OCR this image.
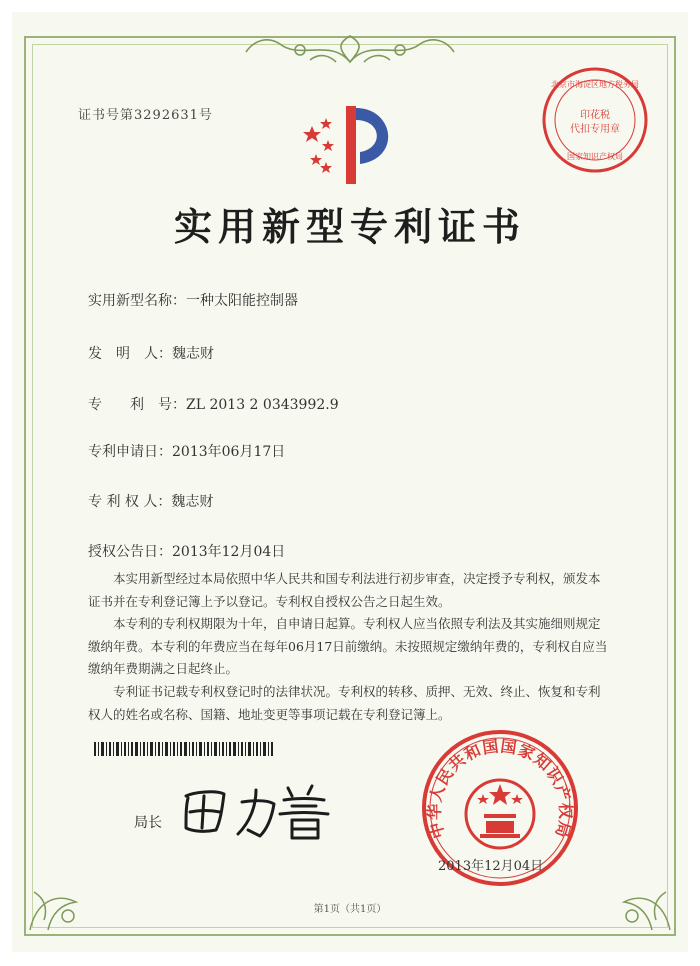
证书号第3292631号	印花税
代扣专用章
北京市海淀区地方税务局
国家知识产权局
实用新型专利证书
实用新型名称：一种太阳能控制器
发　明　人：魏志财
专　　利　号：ZL 2013 2 0343992.9
专利申请日：2013年06月17日
专 利 权 人：魏志财
授权公告日：2013年12月04日

本实用新型经过本局依照中华人民共和国专利法进行初步审查，决定授予专利权，颁发本证书并在专利登记簿上予以登记。专利权自授权公告之日起生效。

本专利的专利权期限为十年，自申请日起算。专利权人应当依照专利法及其实施细则规定缴纳年费。本专利的年费应当在每年06月17日前缴纳。未按照规定缴纳年费的，专利权自应当缴纳年费期满之日起终止。

专利证书记载专利权登记时的法律状况。专利权的转移、质押、无效、终止、恢复和专利权人的姓名或名称、国籍、地址变更等事项记载在专利登记簿上。

局长	中华人民共和国国家知识产权局
2013年12月04日
第1页（共1页）
